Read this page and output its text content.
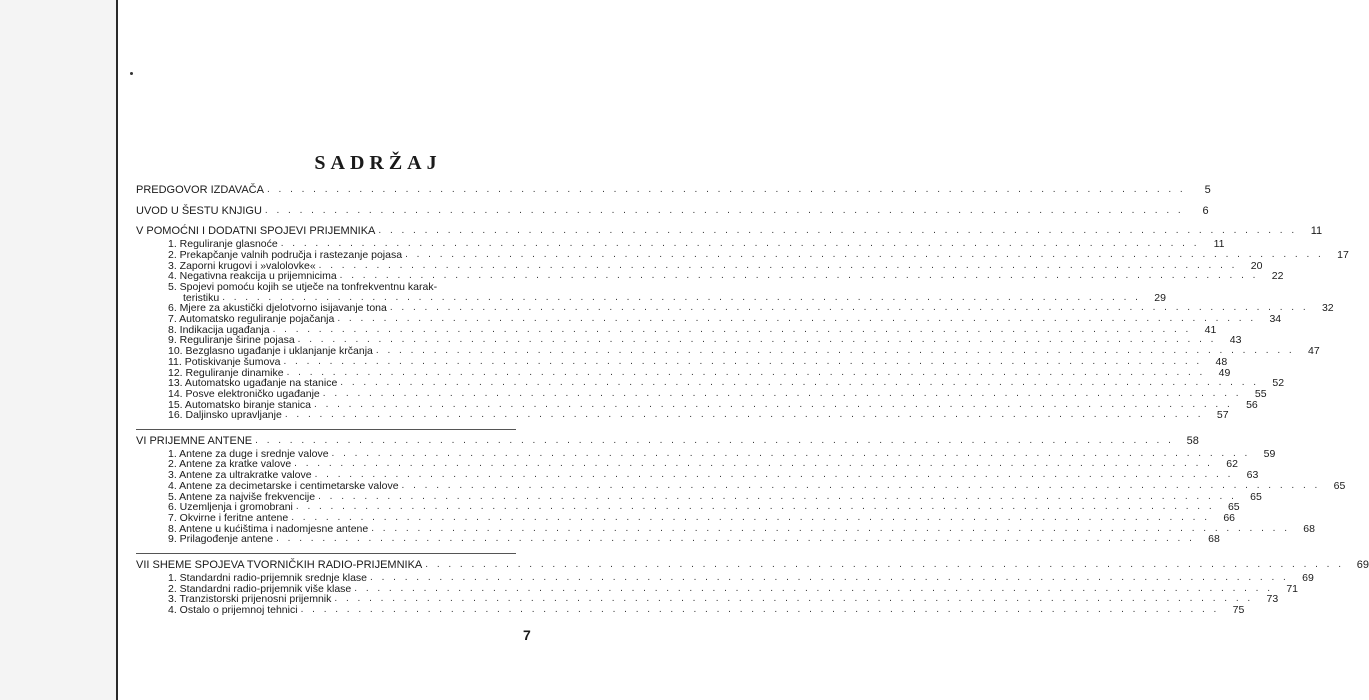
SADRŽAJ
PREDGOVOR IZDAVAČA . . . . . . . . . . . . . . . . . . . . . . . . . . . . . . . . . . . . . . . . . . . . . . . . . . . . . . . . . . . . . . . . . . . . . . . . . . . . . . . .	5
UVOD U ŠESTU KNJIGU . . . . . . . . . . . . . . . . . . . . . . . . . . . . . . . . . . . . . . . . . . . . . . . . . . . . . . . . . . . . . . . . . . . . . . . . . . . . . . . .	6
V POMOĆNI I DODATNI SPOJEVI PRIJEMNIKA . . . . . . . . . . . . . . . . . . . . . . . . . . . . . . . . . . . . . . . . . . . . . . . . . . . . . . . . . . . . . . . . . . . . . . . . . . . . . . . .	11
1. Reguliranje glasnoće . . . . . . . . . . . . . . . . . . . . . . . . . . . . . . . . . . . . . . . . . . . . . . . . . . . . . . . . . . . . . . . . . . . . . . . . . . . . . . . .	11
2. Prekapčanje valnih područja i rastezanje pojasa . . . . . . . . . . . . . . . . . . . . . . . . . . . . . . . . . . . . . . . . . . . . . . . . . . . . . . . . . . . . . . . . . . . . . . . . . . . . . . . .	17
3. Zaporni krugovi i »valolovke« . . . . . . . . . . . . . . . . . . . . . . . . . . . . . . . . . . . . . . . . . . . . . . . . . . . . . . . . . . . . . . . . . . . . . . . . . . . . . . . .	20
4. Negativna reakcija u prijemnicima . . . . . . . . . . . . . . . . . . . . . . . . . . . . . . . . . . . . . . . . . . . . . . . . . . . . . . . . . . . . . . . . . . . . . . . . . . . . . . . .	22
5. Spojevi pomoću kojih se utječe na tonfrekventnu karak-
teristiku . . . . . . . . . . . . . . . . . . . . . . . . . . . . . . . . . . . . . . . . . . . . . . . . . . . . . . . . . . . . . . . . . . . . . . . . . . . . . . . .	29
6. Mjere za akustički djelotvorno isijavanje tona . . . . . . . . . . . . . . . . . . . . . . . . . . . . . . . . . . . . . . . . . . . . . . . . . . . . . . . . . . . . . . . . . . . . . . . . . . . . . . . .	32
7. Automatsko reguliranje pojačanja . . . . . . . . . . . . . . . . . . . . . . . . . . . . . . . . . . . . . . . . . . . . . . . . . . . . . . . . . . . . . . . . . . . . . . . . . . . . . . . .	34
8. Indikacija ugađanja . . . . . . . . . . . . . . . . . . . . . . . . . . . . . . . . . . . . . . . . . . . . . . . . . . . . . . . . . . . . . . . . . . . . . . . . . . . . . . . .	41
9. Reguliranje širine pojasa . . . . . . . . . . . . . . . . . . . . . . . . . . . . . . . . . . . . . . . . . . . . . . . . . . . . . . . . . . . . . . . . . . . . . . . . . . . . . . . .	43
10. Bezglasno ugađanje i uklanjanje krčanja . . . . . . . . . . . . . . . . . . . . . . . . . . . . . . . . . . . . . . . . . . . . . . . . . . . . . . . . . . . . . . . . . . . . . . . . . . . . . . . .	47
11. Potiskivanje šumova . . . . . . . . . . . . . . . . . . . . . . . . . . . . . . . . . . . . . . . . . . . . . . . . . . . . . . . . . . . . . . . . . . . . . . . . . . . . . . . .	48
12. Reguliranje dinamike . . . . . . . . . . . . . . . . . . . . . . . . . . . . . . . . . . . . . . . . . . . . . . . . . . . . . . . . . . . . . . . . . . . . . . . . . . . . . . . .	49
13. Automatsko ugađanje na stanice . . . . . . . . . . . . . . . . . . . . . . . . . . . . . . . . . . . . . . . . . . . . . . . . . . . . . . . . . . . . . . . . . . . . . . . . . . . . . . . .	52
14. Posve elektroničko ugađanje . . . . . . . . . . . . . . . . . . . . . . . . . . . . . . . . . . . . . . . . . . . . . . . . . . . . . . . . . . . . . . . . . . . . . . . . . . . . . . . .	55
15. Automatsko biranje stanica . . . . . . . . . . . . . . . . . . . . . . . . . . . . . . . . . . . . . . . . . . . . . . . . . . . . . . . . . . . . . . . . . . . . . . . . . . . . . . . .	56
16. Daljinsko upravljanje . . . . . . . . . . . . . . . . . . . . . . . . . . . . . . . . . . . . . . . . . . . . . . . . . . . . . . . . . . . . . . . . . . . . . . . . . . . . . . . .	57
VI PRIJEMNE ANTENE . . . . . . . . . . . . . . . . . . . . . . . . . . . . . . . . . . . . . . . . . . . . . . . . . . . . . . . . . . . . . . . . . . . . . . . . . . . . . . . .	58
1. Antene za duge i srednje valove . . . . . . . . . . . . . . . . . . . . . . . . . . . . . . . . . . . . . . . . . . . . . . . . . . . . . . . . . . . . . . . . . . . . . . . . . . . . . . . .	59
2. Antene za kratke valove . . . . . . . . . . . . . . . . . . . . . . . . . . . . . . . . . . . . . . . . . . . . . . . . . . . . . . . . . . . . . . . . . . . . . . . . . . . . . . . .	62
3. Antene za ultrakratke valove . . . . . . . . . . . . . . . . . . . . . . . . . . . . . . . . . . . . . . . . . . . . . . . . . . . . . . . . . . . . . . . . . . . . . . . . . . . . . . . .	63
4. Antene za decimetarske i centimetarske valove . . . . . . . . . . . . . . . . . . . . . . . . . . . . . . . . . . . . . . . . . . . . . . . . . . . . . . . . . . . . . . . . . . . . . . . . . . . . . . . .	65
5. Antene za najviše frekvencije . . . . . . . . . . . . . . . . . . . . . . . . . . . . . . . . . . . . . . . . . . . . . . . . . . . . . . . . . . . . . . . . . . . . . . . . . . . . . . . .	65
6. Uzemljenja i gromobrani . . . . . . . . . . . . . . . . . . . . . . . . . . . . . . . . . . . . . . . . . . . . . . . . . . . . . . . . . . . . . . . . . . . . . . . . . . . . . . . .	65
7. Okvirne i feritne antene . . . . . . . . . . . . . . . . . . . . . . . . . . . . . . . . . . . . . . . . . . . . . . . . . . . . . . . . . . . . . . . . . . . . . . . . . . . . . . . .	66
8. Antene u kućištima i nadomjesne antene . . . . . . . . . . . . . . . . . . . . . . . . . . . . . . . . . . . . . . . . . . . . . . . . . . . . . . . . . . . . . . . . . . . . . . . . . . . . . . . .	68
9. Prilagođenje antene . . . . . . . . . . . . . . . . . . . . . . . . . . . . . . . . . . . . . . . . . . . . . . . . . . . . . . . . . . . . . . . . . . . . . . . . . . . . . . . .	68
VII SHEME SPOJEVA TVORNIČKIH RADIO-PRIJEMNIKA . . . . . . . . . . . . . . . . . . . . . . . . . . . . . . . . . . . . . . . . . . . . . . . . . . . . . . . . . . . . . . . . . . . . . . . . . . . . . . . .	69
1. Standardni radio-prijemnik srednje klase . . . . . . . . . . . . . . . . . . . . . . . . . . . . . . . . . . . . . . . . . . . . . . . . . . . . . . . . . . . . . . . . . . . . . . . . . . . . . . . .	69
2. Standardni radio-prijemnik više klase . . . . . . . . . . . . . . . . . . . . . . . . . . . . . . . . . . . . . . . . . . . . . . . . . . . . . . . . . . . . . . . . . . . . . . . . . . . . . . . .	71
3. Tranzistorski prijenosni prijemnik . . . . . . . . . . . . . . . . . . . . . . . . . . . . . . . . . . . . . . . . . . . . . . . . . . . . . . . . . . . . . . . . . . . . . . . . . . . . . . . .	73
4. Ostalo o prijemnoj tehnici . . . . . . . . . . . . . . . . . . . . . . . . . . . . . . . . . . . . . . . . . . . . . . . . . . . . . . . . . . . . . . . . . . . . . . . . . . . . . . . .	75
7
